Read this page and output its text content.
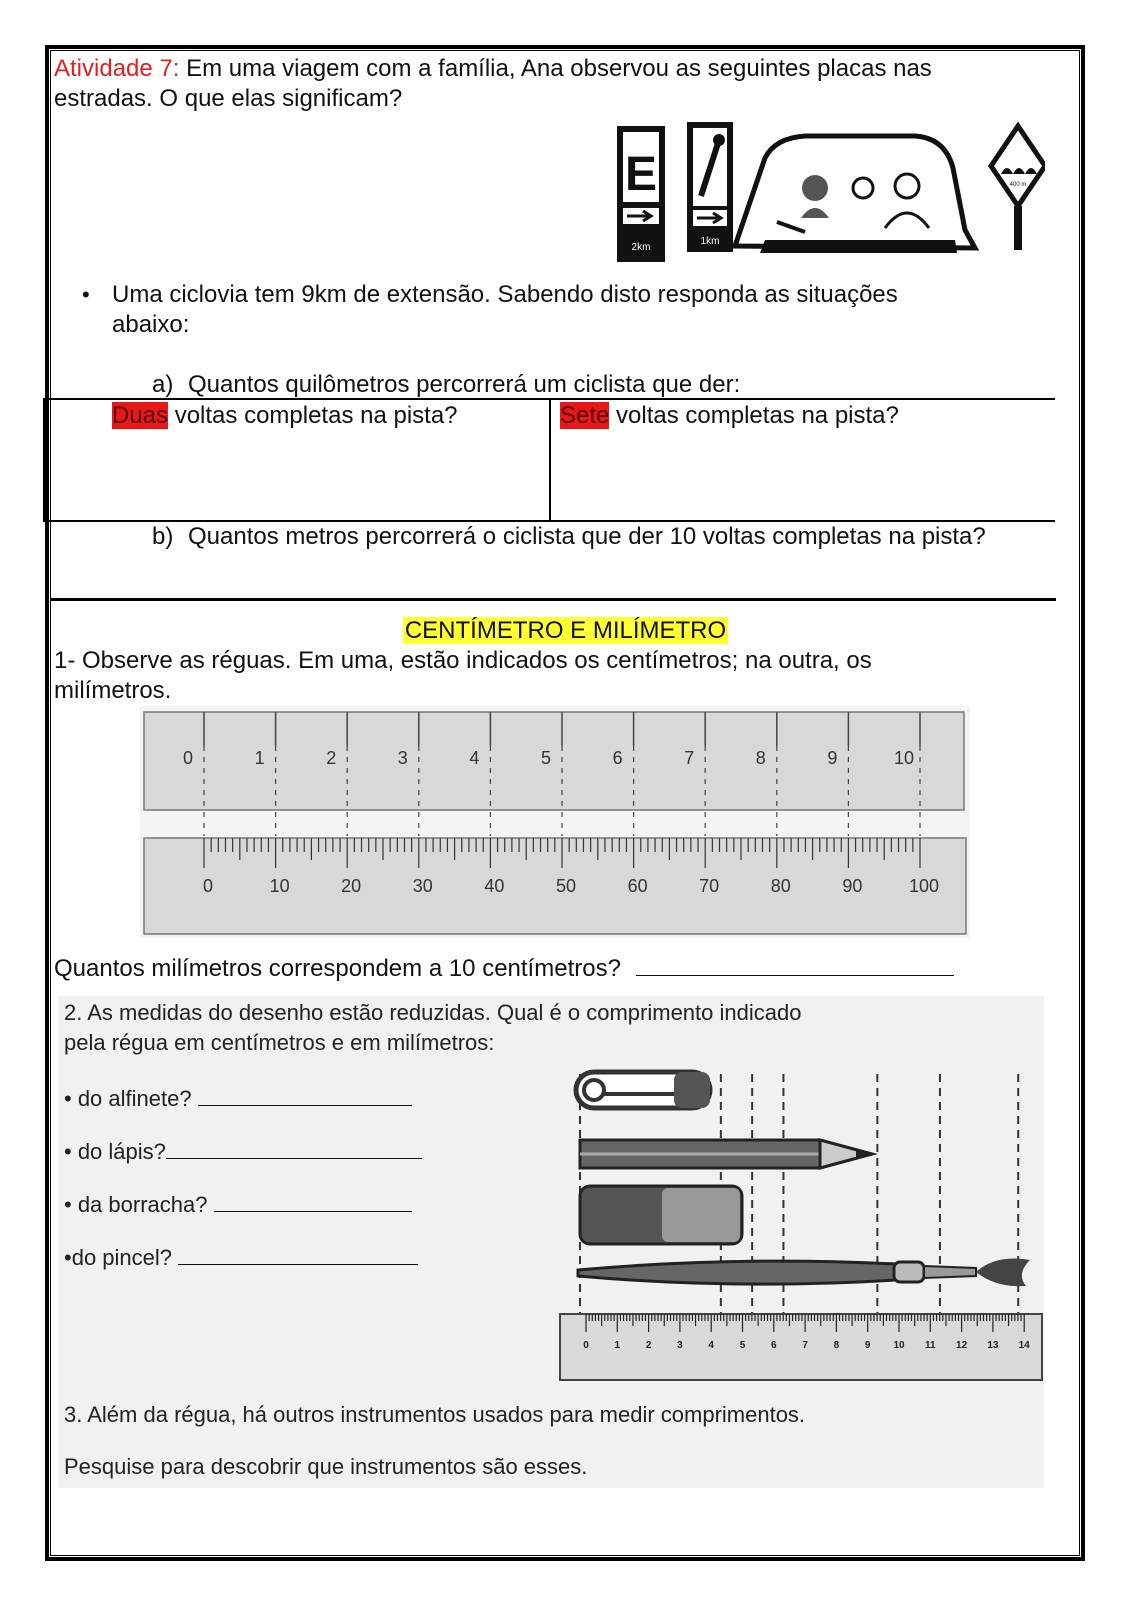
Atividade 7: Em uma viagem com a família, Ana observou as seguintes placas nas
estradas. O que elas significam?
E
2km
1km
400 m
• Uma ciclovia tem 9km de extensão. Sabendo disto responda as situações
abaixo:
a) Quantos quilômetros percorrerá um ciclista que der:
Duas voltas completas na pista?	Sete voltas completas na pista?
b) Quantos metros percorrerá o ciclista que der 10 voltas completas na pista?
CENTÍMETRO E MILÍMETRO
1- Observe as réguas. Em uma, estão indicados os centímetros; na outra, os
milímetros.
0	1	2	3	4	5	6	7	8	9	10
0	10	20	30	40	50	60	70	80	90	100
Quantos milímetros correspondem a 10 centímetros?
2. As medidas do desenho estão reduzidas. Qual é o comprimento indicado
pela régua em centímetros e em milímetros:
• do alfinete?
• do lápis?
• da borracha?
•do pincel?
0	1	2	3	4	5	6	7	8	9 10 11 12 13 14
3. Além da régua, há outros instrumentos usados para medir comprimentos.
Pesquise para descobrir que instrumentos são esses.
